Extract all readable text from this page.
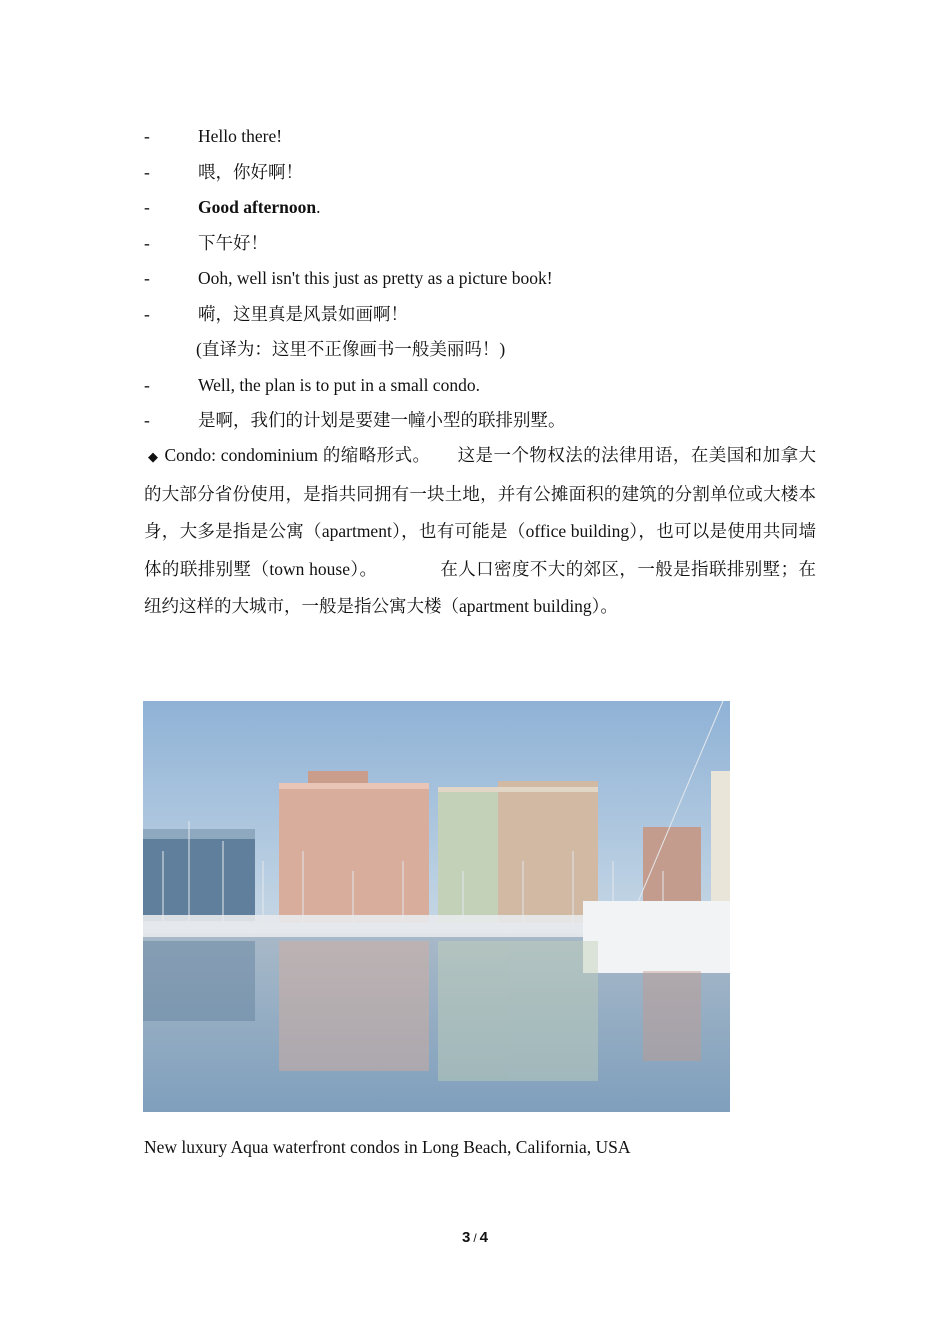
-	Hello there!
-	喂，你好啊！
-	Good afternoon .
-	下午好！
-	Ooh, well isn't this just as pretty as a picture book!
-	嗬，这里真是风景如画啊！
(直译为：这里不正像画书一般美丽吗！)
-	Well, the plan is to put in a small condo.
-	是啊，我们的计划是要建一幢小型的联排别墅。
◆ Condo: condominium 的缩略形式。　　这是一个物权法的法律用语，在美国和加拿大的大部分省份使用，是指共同拥有一块土地，并有公摊面积的建筑的分割单位或大楼本身，大多是指是公寓（apartment），也有可能是（office building），也可以是使用共同墙体的联排别墅（town house）。　　　　在人口密度不大的郊区，一般是指联排别墅；在纽约这样的大城市，一般是指公寓大楼（apartment building）。
New luxury Aqua waterfront condos in Long Beach, California, USA
3 / 4
